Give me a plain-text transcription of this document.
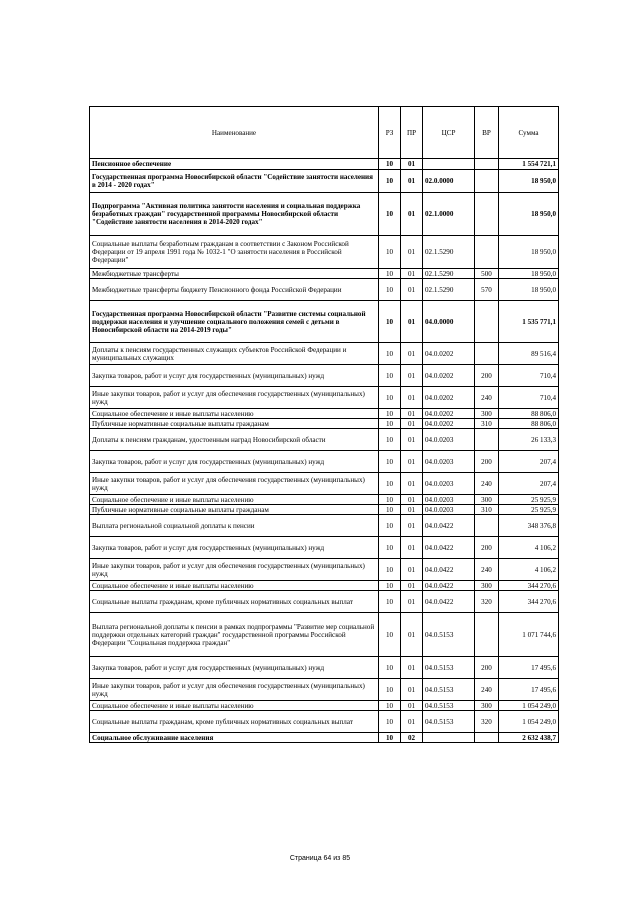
Наименование	РЗ	ПР	ЦСР	ВР	Сумма
Пенсионное обеспечение	10	01			1 554 721,1
Государственная программа Новосибирской области "Содействие занятости населения в 2014 - 2020 годах"	10	01	02.0.0000		18 950,0
Подпрограмма "Активная политика занятости населения и социальная поддержка безработных граждан" государственной программы Новосибирской области "Содействие занятости населения в 2014-2020 годах"	10	01	02.1.0000		18 950,0
Социальные выплаты безработным гражданам в соответствии с Законом Российской Федерации от 19 апреля 1991 года № 1032-1 "О занятости населения в Российской Федерации"	10	01	02.1.5290		18 950,0
Межбюджетные трансферты	10	01	02.1.5290	500	18 950,0
Межбюджетные трансферты бюджету Пенсионного фонда Российской Федерации	10	01	02.1.5290	570	18 950,0
Государственная программа Новосибирской области "Развитие системы социальной поддержки населения и улучшение социального положения семей с детьми в Новосибирской области на 2014-2019 годы"	10	01	04.0.0000		1 535 771,1
Доплаты к пенсиям государственных служащих субъектов Российской Федерации и муниципальных служащих	10	01	04.0.0202		89 516,4
Закупка товаров, работ и услуг для государственных (муниципальных) нужд	10	01	04.0.0202	200	710,4
Иные закупки товаров, работ и услуг для обеспечения государственных (муниципальных) нужд	10	01	04.0.0202	240	710,4
Социальное обеспечение и иные выплаты населению	10	01	04.0.0202	300	88 806,0
Публичные нормативные социальные выплаты гражданам	10	01	04.0.0202	310	88 806,0
Доплаты к пенсиям гражданам, удостоенным наград Новосибирской области	10	01	04.0.0203		26 133,3
Закупка товаров, работ и услуг для государственных (муниципальных) нужд	10	01	04.0.0203	200	207,4
Иные закупки товаров, работ и услуг для обеспечения государственных (муниципальных) нужд	10	01	04.0.0203	240	207,4
Социальное обеспечение и иные выплаты населению	10	01	04.0.0203	300	25 925,9
Публичные нормативные социальные выплаты гражданам	10	01	04.0.0203	310	25 925,9
Выплата региональной социальной доплаты к пенсии	10	01	04.0.0422		348 376,8
Закупка товаров, работ и услуг для государственных (муниципальных) нужд	10	01	04.0.0422	200	4 106,2
Иные закупки товаров, работ и услуг для обеспечения государственных (муниципальных) нужд	10	01	04.0.0422	240	4 106,2
Социальное обеспечение и иные выплаты населению	10	01	04.0.0422	300	344 270,6
Социальные выплаты гражданам, кроме публичных нормативных социальных выплат	10	01	04.0.0422	320	344 270,6
Выплата региональной доплаты к пенсии в рамках подпрограммы "Развитие мер социальной поддержки отдельных категорий граждан" государственной программы Российской Федерации "Социальная поддержка граждан"	10	01	04.0.5153		1 071 744,6
Закупка товаров, работ и услуг для государственных (муниципальных) нужд	10	01	04.0.5153	200	17 495,6
Иные закупки товаров, работ и услуг для обеспечения государственных (муниципальных) нужд	10	01	04.0.5153	240	17 495,6
Социальное обеспечение и иные выплаты населению	10	01	04.0.5153	300	1 054 249,0
Социальные выплаты гражданам, кроме публичных нормативных социальных выплат	10	01	04.0.5153	320	1 054 249,0
Социальное обслуживание населения	10	02			2 632 438,7
Страница 64 из 85
